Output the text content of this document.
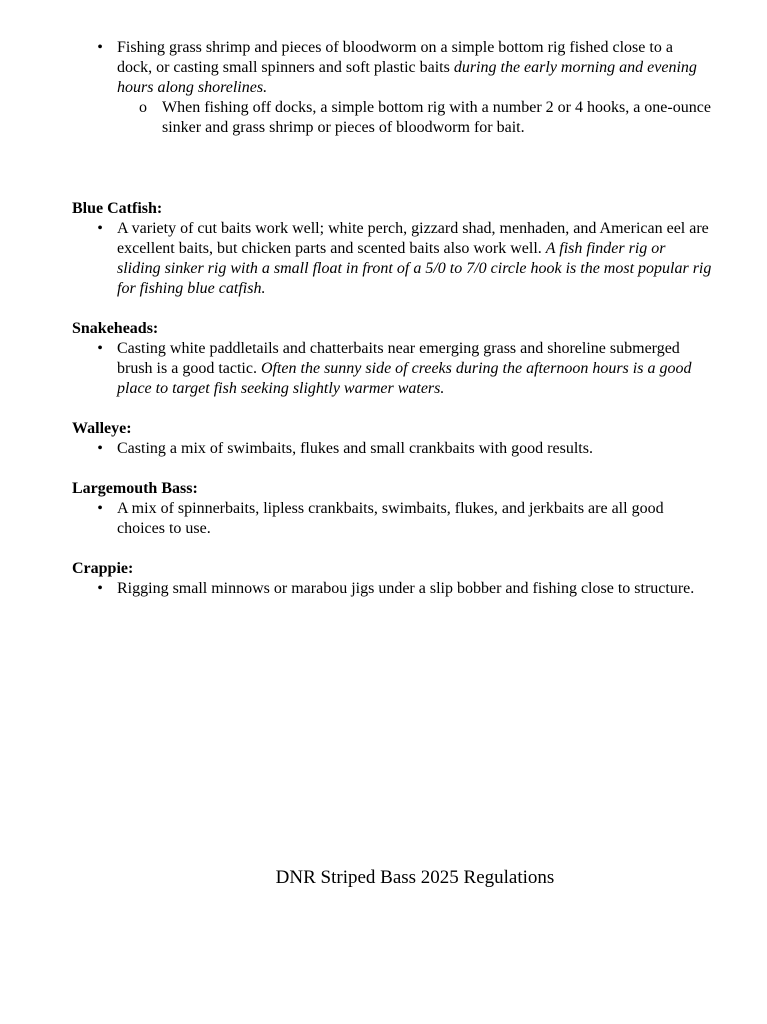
• Fishing grass shrimp and pieces of bloodworm on a simple bottom rig fished close to a dock, or casting small spinners and soft plastic baits during the early morning and evening hours along shorelines.
o When fishing off docks, a simple bottom rig with a number 2 or 4 hooks, a one-ounce sinker and grass shrimp or pieces of bloodworm for bait.
Blue Catfish:
• A variety of cut baits work well; white perch, gizzard shad, menhaden, and American eel are excellent baits, but chicken parts and scented baits also work well. A fish finder rig or sliding sinker rig with a small float in front of a 5/0 to 7/0 circle hook is the most popular rig for fishing blue catfish.
Snakeheads:
• Casting white paddletails and chatterbaits near emerging grass and shoreline submerged brush is a good tactic. Often the sunny side of creeks during the afternoon hours is a good place to target fish seeking slightly warmer waters.
Walleye:
• Casting a mix of swimbaits, flukes and small crankbaits with good results.
Largemouth Bass:
• A mix of spinnerbaits, lipless crankbaits, swimbaits, flukes, and jerkbaits are all good choices to use.
Crappie:
• Rigging small minnows or marabou jigs under a slip bobber and fishing close to structure.
DNR Striped Bass 2025 Regulations
